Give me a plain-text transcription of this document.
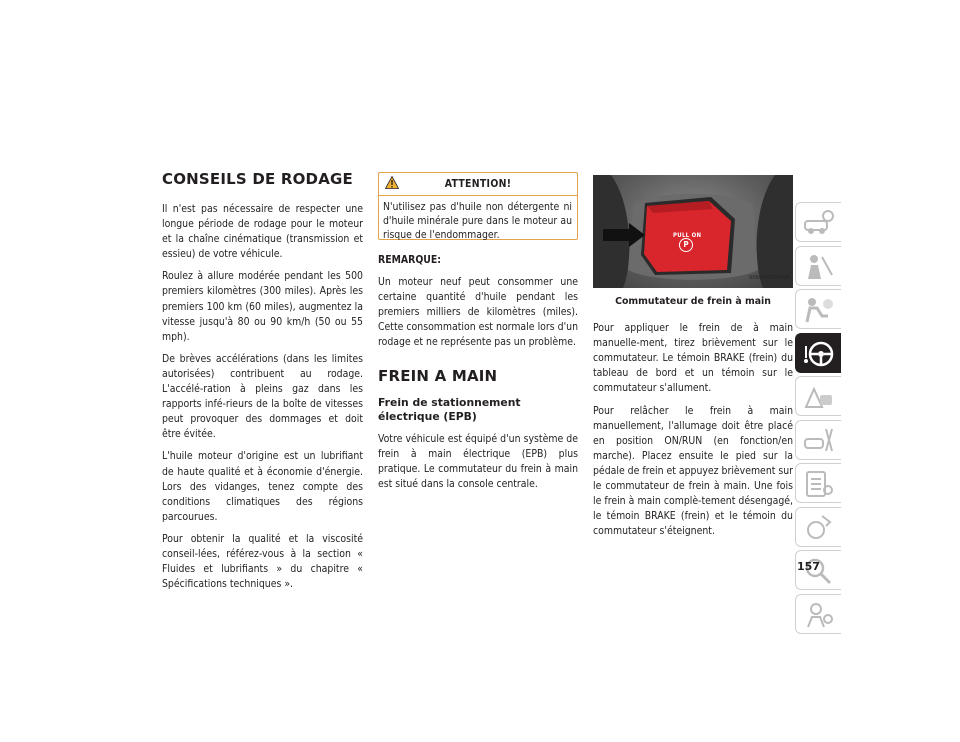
CONSEILS DE RODAGE

Il n'est pas nécessaire de respecter une longue période de rodage pour le moteur et la chaîne cinématique (transmission et essieu) de votre véhicule.

Roulez à allure modérée pendant les 500 premiers kilomètres (300 miles). Après les premiers 100 km (60 miles), augmentez la vitesse jusqu'à 80 ou 90 km/h (50 ou 55 mph).

De brèves accélérations (dans les limites autorisées) contribuent au rodage. L'accélé-ration à pleins gaz dans les rapports infé-rieurs de la boîte de vitesses peut provoquer des dommages et doit être évitée.

L'huile moteur d'origine est un lubrifiant de haute qualité et à économie d'énergie. Lors des vidanges, tenez compte des conditions climatiques des régions parcourues.

Pour obtenir la qualité et la viscosité conseil-lées, référez-vous à la section « Fluides et lubrifiants » du chapitre « Spécifications techniques ».

ATTENTION!
N'utilisez pas d'huile non détergente ni d'huile minérale pure dans le moteur au risque de l'endommager.

REMARQUE:

Un moteur neuf peut consommer une certaine quantité d'huile pendant les premiers milliers de kilomètres (miles). Cette consommation est normale lors d'un rodage et ne représente pas un problème.

FREIN A MAIN
Frein de stationnement électrique (EPB)

Votre véhicule est équipé d'un système de frein à main électrique (EPB) plus pratique. Le commutateur du frein à main est situé dans la console centrale.

PULL ON
P
N0604000004US
Commutateur de frein à main

Pour appliquer le frein de à main manuelle-ment, tirez brièvement sur le commutateur. Le témoin BRAKE (frein) du tableau de bord et un témoin sur le commutateur s'allument.

Pour relâcher le frein à main manuellement, l'allumage doit être placé en position ON/RUN (en fonction/en marche). Placez ensuite le pied sur la pédale de frein et appuyez brièvement sur le commutateur de frein à main. Une fois le frein à main complè-tement désengagé, le témoin BRAKE (frein) et le témoin du commutateur s'éteignent.

157
